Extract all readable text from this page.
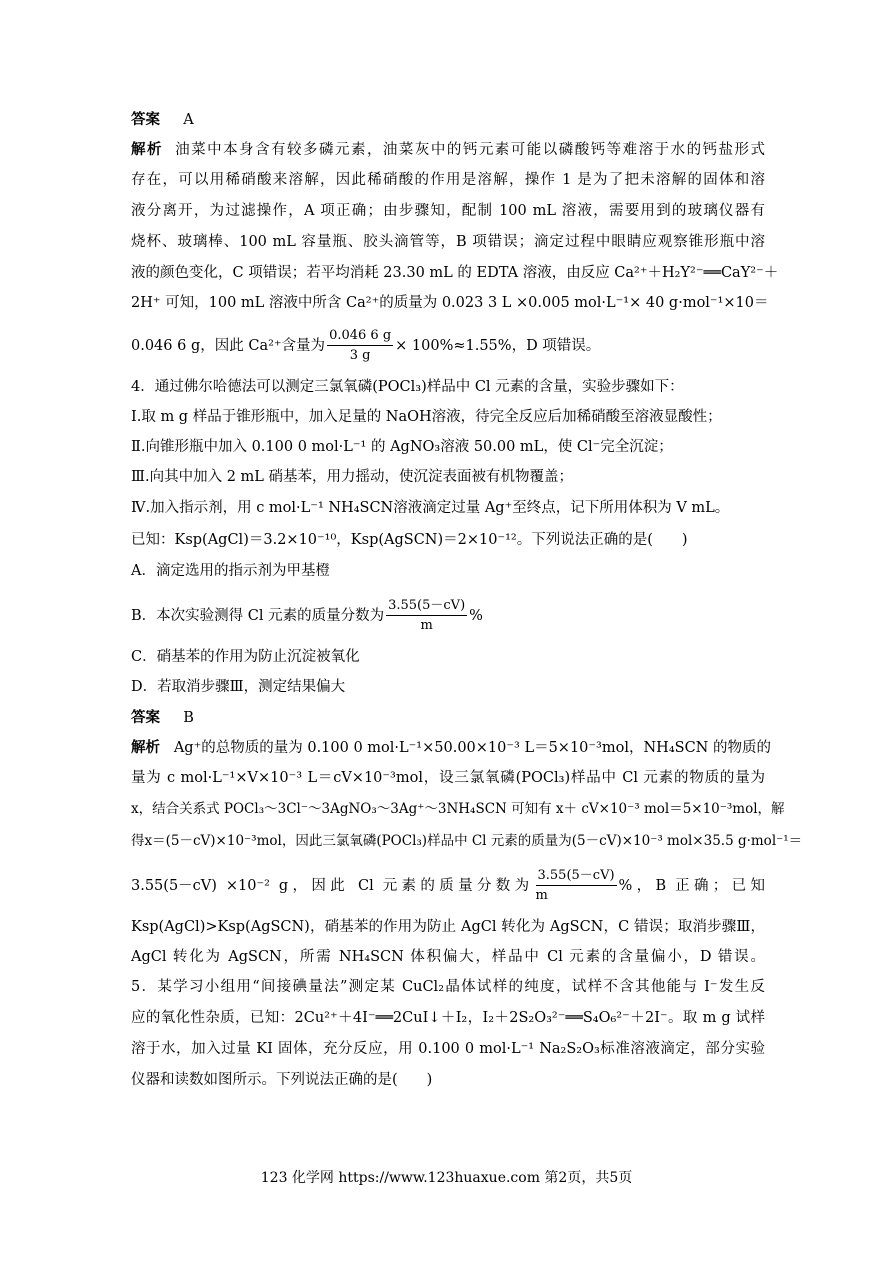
答案 A
解析 油菜中本身含有较多磷元素，油菜灰中的钙元素可能以磷酸钙等难溶于水的钙盐形式
存在，可以用稀硝酸来溶解，因此稀硝酸的作用是溶解，操作 1 是为了把未溶解的固体和溶
液分离开，为过滤操作，A 项正确；由步骤知，配制 100 mL 溶液，需要用到的玻璃仪器有
烧杯、玻璃棒、100 mL 容量瓶、胶头滴管等，B 项错误；滴定过程中眼睛应观察锥形瓶中溶
液的颜色变化，C 项错误；若平均消耗 23.30 mL 的 EDTA 溶液，由反应 Ca²⁺＋H₂Y²⁻══CaY²⁻＋
2H⁺ 可知，100 mL 溶液中所含 Ca²⁺的质量为 0.023 3 L ×0.005 mol·L⁻¹× 40 g·mol⁻¹×10＝
0.046 6 g，因此 Ca²⁺含量为 $\frac{0.046 6 g}{3 g} \times 100\%\approx 1.55\%$，D 项错误。
4．通过佛尔哈德法可以测定三氯氧磷(POCl₃)样品中 Cl 元素的含量，实验步骤如下：
Ⅰ.取 m g 样品于锥形瓶中，加入足量的 NaOH溶液，待完全反应后加稀硝酸至溶液显酸性；
Ⅱ.向锥形瓶中加入 0.100 0 mol·L⁻¹ 的 AgNO₃溶液 50.00 mL，使 Cl⁻完全沉淀；
Ⅲ.向其中加入 2 mL 硝基苯，用力摇动，使沉淀表面被有机物覆盖；
Ⅳ.加入指示剂，用 c mol·L⁻¹ NH₄SCN溶液滴定过量 Ag⁺至终点，记下所用体积为 V mL。
已知：Ksp(AgCl)＝3.2×10⁻¹⁰，Ksp(AgSCN)＝2×10⁻¹²。下列说法正确的是(　　)
A．滴定选用的指示剂为甲基橙
B．本次实验测得 Cl 元素的质量分数为 $\frac{3.55(5-cV)}{m}$ %
C．硝基苯的作用为防止沉淀被氧化
D．若取消步骤Ⅲ，测定结果偏大
答案 B
解析 Ag⁺的总物质的量为 0.100 0 mol·L⁻¹×50.00×10⁻³ L＝5×10⁻³mol，NH₄SCN 的物质的
量为 c mol·L⁻¹×V×10⁻³ L＝cV×10⁻³mol，设三氯氧磷(POCl₃)样品中 Cl 元素的物质的量为
x，结合关系式 POCl₃～3Cl⁻～3AgNO₃～3Ag⁺～3NH₄SCN 可知有 x＋ cV×10⁻³ mol＝5×10⁻³mol，解
得x＝(5－cV)×10⁻³mol，因此三氯氧磷(POCl₃)样品中 Cl 元素的质量为(5－cV)×10⁻³ mol×35.5 g·mol⁻¹＝
3.55(5－cV) ×10⁻² g，因此 Cl 元素的质量分数为 $\frac{3.55(5-cV)}{m}$ %，B 正确；已知
Ksp(AgCl)>Ksp(AgSCN)，硝基苯的作用为防止 AgCl 转化为 AgSCN，C 错误；取消步骤Ⅲ，
AgCl 转化为 AgSCN，所需 NH₄SCN 体积偏大，样品中 Cl 元素的含量偏小，D 错误。
5．某学习小组用“间接碘量法”测定某 CuCl₂晶体试样的纯度，试样不含其他能与 I⁻发生反
应的氧化性杂质，已知：2Cu²⁺＋4I⁻══2CuI↓＋I₂，I₂＋2S₂O₃²⁻══S₄O₆²⁻＋2I⁻。取 m g 试样
溶于水，加入过量 KI 固体，充分反应，用 0.100 0 mol·L⁻¹ Na₂S₂O₃标准溶液滴定，部分实验
仪器和读数如图所示。下列说法正确的是(　　)
123 化学网 https://www.123huaxue.com 第2页，共5页
